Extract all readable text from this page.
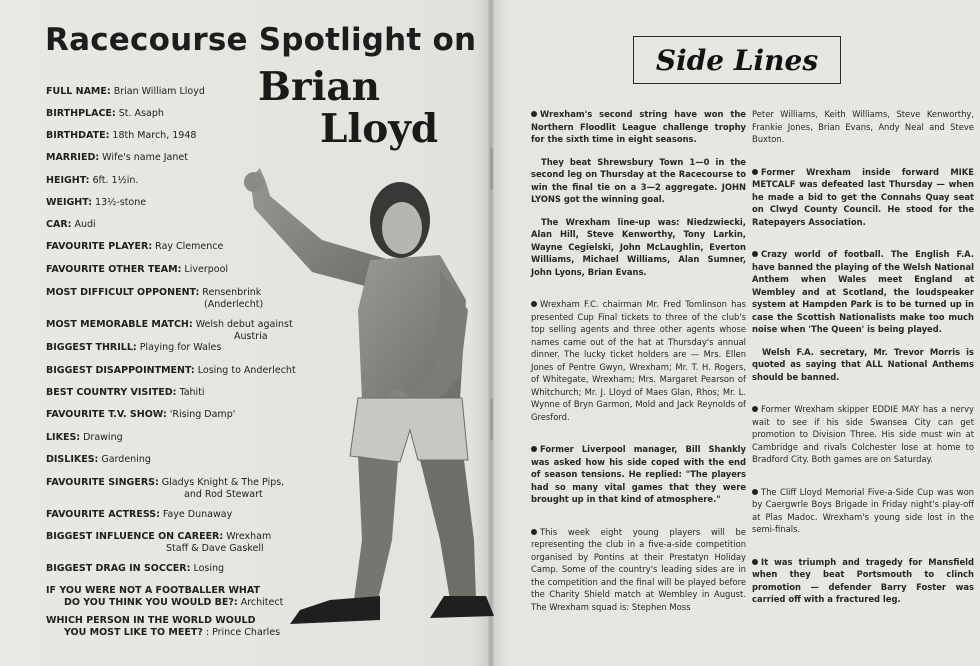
Racecourse Spotlight on
Brian
Lloyd
FULL NAME: Brian William Lloyd
BIRTHPLACE: St. Asaph
BIRTHDATE: 18th March, 1948
MARRIED: Wife's name Janet
HEIGHT: 6ft. 1½in.
WEIGHT: 13½-stone
CAR: Audi
FAVOURITE PLAYER: Ray Clemence
FAVOURITE OTHER TEAM: Liverpool
MOST DIFFICULT OPPONENT: Rensenbrink
(Anderlecht)
MOST MEMORABLE MATCH: Welsh debut against
Austria
BIGGEST THRILL: Playing for Wales
BIGGEST DISAPPOINTMENT: Losing to Anderlecht
BEST COUNTRY VISITED: Tahiti
FAVOURITE T.V. SHOW: 'Rising Damp'
LIKES: Drawing
DISLIKES: Gardening
FAVOURITE SINGERS: Gladys Knight & The Pips,
and Rod Stewart
FAVOURITE ACTRESS: Faye Dunaway
BIGGEST INFLUENCE ON CAREER: Wrexham
Staff & Dave Gaskell
BIGGEST DRAG IN SOCCER: Losing
IF YOU WERE NOT A FOOTBALLER WHAT
DO YOU THINK YOU WOULD BE?: Architect
WHICH PERSON IN THE WORLD WOULD
YOU MOST LIKE TO MEET? : Prince Charles
Side Lines

Wrexham's second string have won the Northern Floodlit League challenge trophy for the sixth time in eight seasons.

They beat Shrewsbury Town 1—0 in the second leg on Thursday at the Racecourse to win the final tie on a 3—2 aggregate. JOHN LYONS got the winning goal.

The Wrexham line-up was: Niedzwiecki, Alan Hill, Steve Kenworthy, Tony Larkin, Wayne Cegielski, John McLaughlin, Everton Williams, Michael Williams, Alan Sumner, John Lyons, Brian Evans.

Wrexham F.C. chairman Mr. Fred Tomlinson has presented Cup Final tickets to three of the club's top selling agents and three other agents whose names came out of the hat at Thursday's annual dinner. The lucky ticket holders are — Mrs. Ellen Jones of Pentre Gwyn, Wrexham; Mr. T. H. Rogers, of Whitegate, Wrexham; Mrs. Margaret Pearson of Whitchurch; Mr. J. Lloyd of Maes Glan, Rhos; Mr. L. Wynne of Bryn Garmon, Mold and Jack Reynolds of Gresford.

Former Liverpool manager, Bill Shankly was asked how his side coped with the end of season tensions. He replied: "The players had so many vital games that they were brought up in that kind of atmosphere."

This week eight young players will be representing the club in a five-a-side competition organised by Pontins at their Prestatyn Holiday Camp. Some of the country's leading sides are in the competition and the final will be played before the Charity Shield match at Wembley in August. The Wrexham squad is: Stephen Moss

Peter Williams, Keith Williams, Steve Kenworthy, Frankie Jones, Brian Evans, Andy Neal and Steve Buxton.

Former Wrexham inside forward MIKE METCALF was defeated last Thursday — when he made a bid to get the Connahs Quay seat on Clwyd County Council. He stood for the Ratepayers Association.

Crazy world of football. The English F.A. have banned the playing of the Welsh National Anthem when Wales meet England at Wembley and at Scotland, the loudspeaker system at Hampden Park is to be turned up in case the Scottish Nationalists make too much noise when 'The Queen' is being played.

Welsh F.A. secretary, Mr. Trevor Morris is quoted as saying that ALL National Anthems should be banned.

Former Wrexham skipper EDDIE MAY has a nervy wait to see if his side Swansea City can get promotion to Division Three. His side must win at Cambridge and rivals Colchester lose at home to Bradford City. Both games are on Saturday.

The Cliff Lloyd Memorial Five-a-Side Cup was won by Caergwrle Boys Brigade in Friday night's play-off at Plas Madoc. Wrexham's young side lost in the semi-finals.

It was triumph and tragedy for Mansfield when they beat Portsmouth to clinch promotion — defender Barry Foster was carried off with a fractured leg.
